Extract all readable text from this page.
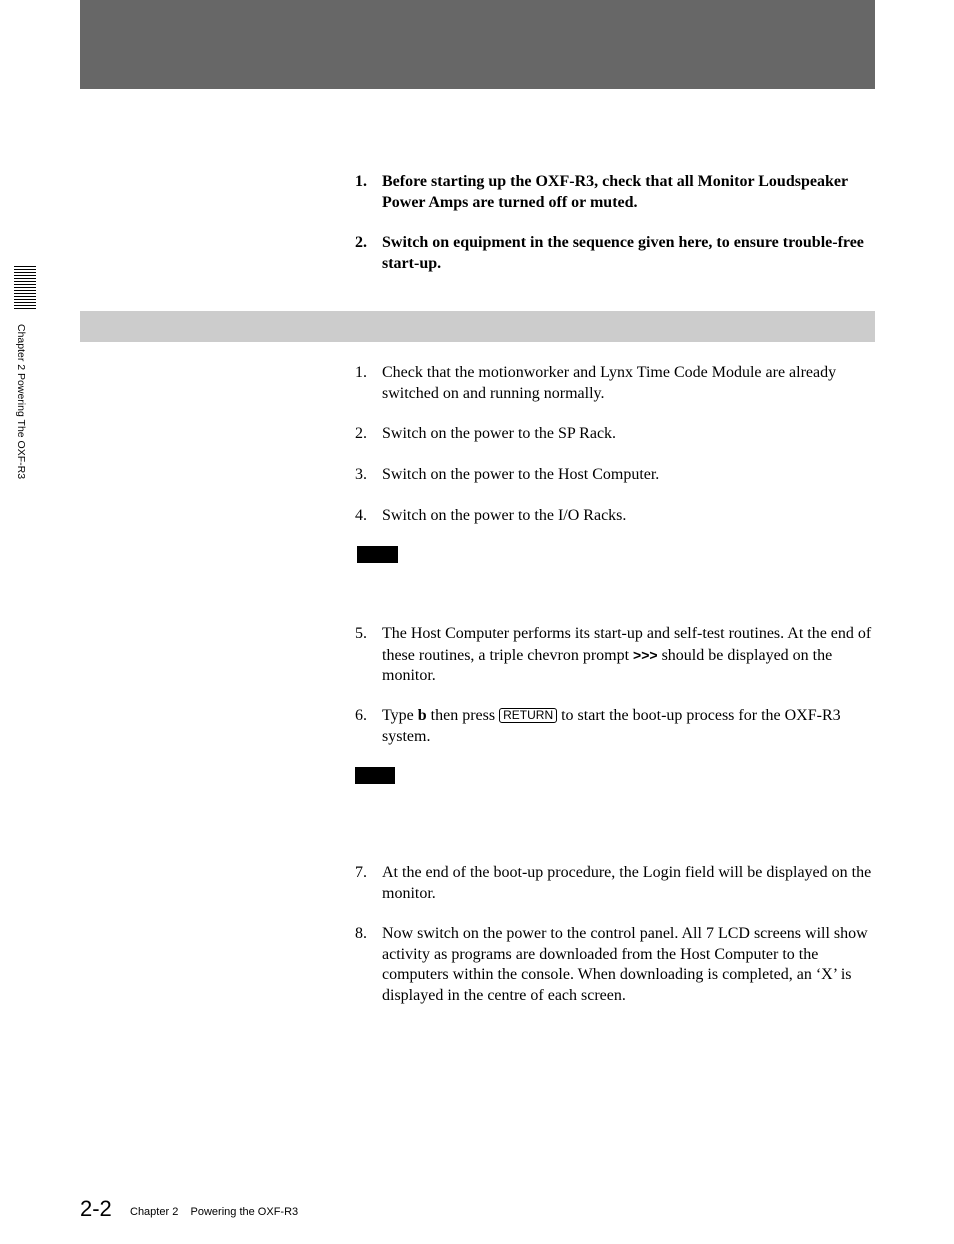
Chapter 2 Powering The OXF-R3
1. Before starting up the OXF-R3, check that all Monitor Loudspeaker Power Amps are turned off or muted.
2. Switch on equipment in the sequence given here, to ensure trouble-free start-up.
1. Check that the motionworker and Lynx Time Code Module are already switched on and running normally.
2. Switch on the power to the SP Rack.
3. Switch on the power to the Host Computer.
4. Switch on the power to the I/O Racks.
5. The Host Computer performs its start-up and self-test routines. At the end of these routines, a triple chevron prompt >>> should be displayed on the monitor.
6. Type b then press RETURN to start the boot-up process for the OXF-R3 system.
7. At the end of the boot-up procedure, the Login field will be displayed on the monitor.
8. Now switch on the power to the control panel. All 7 LCD screens will show activity as programs are downloaded from the Host Computer to the computers within the console. When downloading is completed, an ‘X’ is displayed in the centre of each screen.
2-2 Chapter 2    Powering the OXF-R3
